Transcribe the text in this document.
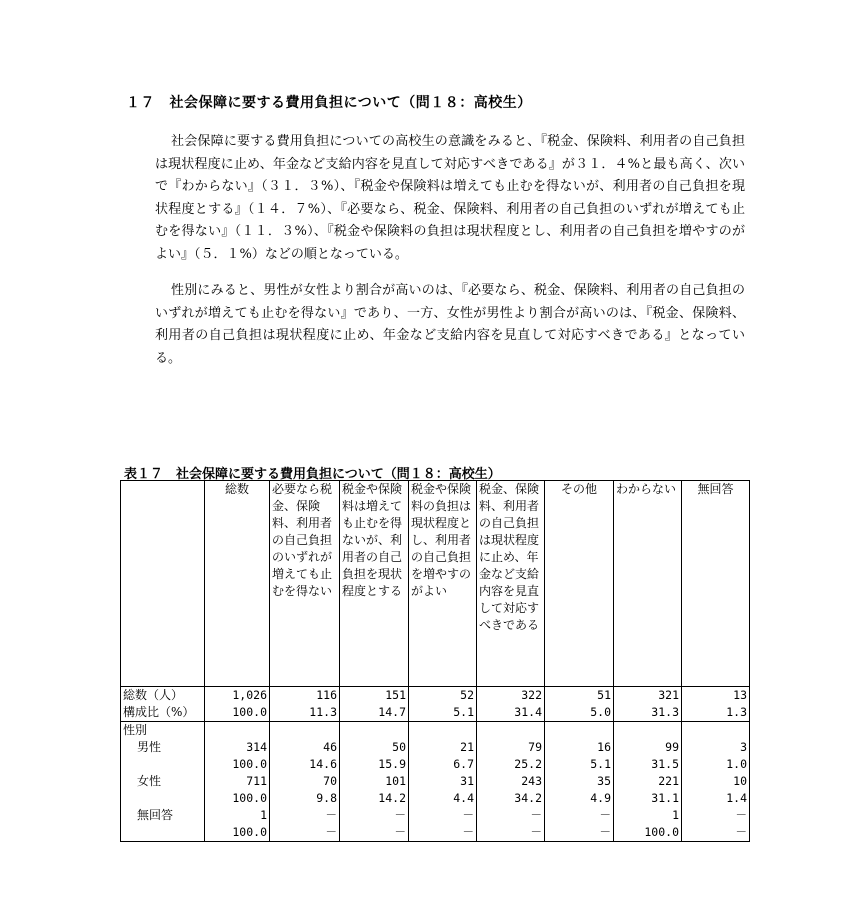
１７　社会保障に要する費用負担について（問１８：高校生）
社会保障に要する費用負担についての高校生の意識をみると、『税金、保険料、利用者の自己負担は現状程度に止め、年金など支給内容を見直して対応すべきである』が３１．４%と最も高く、次いで『わからない』（３１．３%）、『税金や保険料は増えても止むを得ないが、利用者の自己負担を現状程度とする』（１４．７%）、『必要なら、税金、保険料、利用者の自己負担のいずれが増えても止むを得ない』（１１．３%）、『税金や保険料の負担は現状程度とし、利用者の自己負担を増やすのがよい』（５．１%）などの順となっている。
性別にみると、男性が女性より割合が高いのは、『必要なら、税金、保険料、利用者の自己負担のいずれが増えても止むを得ない』であり、一方、女性が男性より割合が高いのは、『税金、保険料、利用者の自己負担は現状程度に止め、年金など支給内容を見直して対応すべきである』となっている。
表１７　社会保障に要する費用負担について（問１８：高校生）
	総数	必要なら税金、保険料、利用者の自己負担のいずれが増えても止むを得ない	税金や保険料は増えても止むを得ないが、利用者の自己負担を現状程度とする	税金や保険料の負担は現状程度とし、利用者の自己負担を増やすのがよい	税金、保険料、利用者の自己負担は現状程度に止め、年金など支給内容を見直して対応すべきである	その他	わからない	無回答
総数（人）	1,026	116	151	52	322	51	321	13
構成比（%）	100.0	11.3	14.7	5.1	31.4	5.0	31.3	1.3
性別								
男性	314	46	50	21	79	16	99	3
	100.0	14.6	15.9	6.7	25.2	5.1	31.5	1.0
女性	711	70	101	31	243	35	221	10
	100.0	9.8	14.2	4.4	34.2	4.9	31.1	1.4
無回答	1	－	－	－	－	－	1	－
	100.0	－	－	－	－	－	100.0	－
